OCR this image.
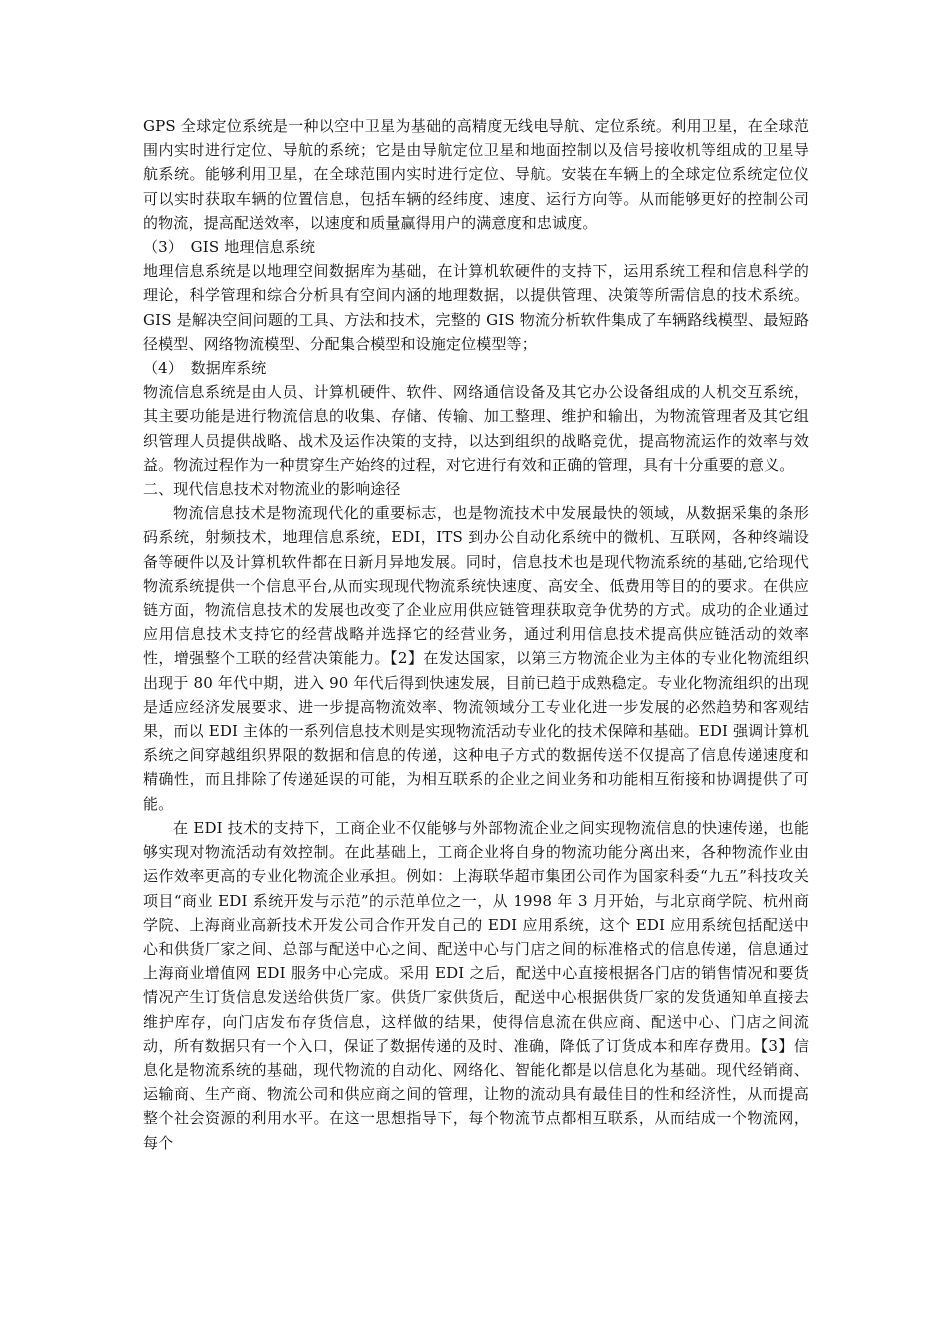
GPS 全球定位系统是一种以空中卫星为基础的高精度无线电导航、定位系统。利用卫星，在全球范围内实时进行定位、导航的系统；它是由导航定位卫星和地面控制以及信号接收机等组成的卫星导航系统。能够利用卫星，在全球范围内实时进行定位、导航。安装在车辆上的全球定位系统定位仪可以实时获取车辆的位置信息，包括车辆的经纬度、速度、运行方向等。从而能够更好的控制公司的物流，提高配送效率，以速度和质量赢得用户的满意度和忠诚度。

（3）　GIS 地理信息系统

地理信息系统是以地理空间数据库为基础，在计算机软硬件的支持下，运用系统工程和信息科学的理论，科学管理和综合分析具有空间内涵的地理数据，以提供管理、决策等所需信息的技术系统。GIS 是解决空间问题的工具、方法和技术，完整的 GIS 物流分析软件集成了车辆路线模型、最短路径模型、网络物流模型、分配集合模型和设施定位模型等；

（4）　数据库系统

物流信息系统是由人员、计算机硬件、软件、网络通信设备及其它办公设备组成的人机交互系统，其主要功能是进行物流信息的收集、存储、传输、加工整理、维护和输出，为物流管理者及其它组织管理人员提供战略、战术及运作决策的支持，以达到组织的战略竞优，提高物流运作的效率与效益。物流过程作为一种贯穿生产始终的过程，对它进行有效和正确的管理，具有十分重要的意义。

二、现代信息技术对物流业的影响途径

物流信息技术是物流现代化的重要标志，也是物流技术中发展最快的领域，从数据采集的条形码系统，射频技术，地理信息系统，EDI，ITS 到办公自动化系统中的微机、互联网，各种终端设备等硬件以及计算机软件都在日新月异地发展。同时，信息技术也是现代物流系统的基础,它给现代物流系统提供一个信息平台,从而实现现代物流系统快速度、高安全、低费用等目的的要求。在供应链方面，物流信息技术的发展也改变了企业应用供应链管理获取竞争优势的方式。成功的企业通过应用信息技术支持它的经营战略并选择它的经营业务，通过利用信息技术提高供应链活动的效率性，增强整个工联的经营决策能力。【2】在发达国家，以第三方物流企业为主体的专业化物流组织出现于 80 年代中期，进入 90 年代后得到快速发展，目前已趋于成熟稳定。专业化物流组织的出现是适应经济发展要求、进一步提高物流效率、物流领域分工专业化进一步发展的必然趋势和客观结果，而以 EDI 主体的一系列信息技术则是实现物流活动专业化的技术保障和基础。EDI 强调计算机系统之间穿越组织界限的数据和信息的传递，这种电子方式的数据传送不仅提高了信息传递速度和精确性，而且排除了传递延误的可能，为相互联系的企业之间业务和功能相互衔接和协调提供了可能。

在 EDI 技术的支持下，工商企业不仅能够与外部物流企业之间实现物流信息的快速传递，也能够实现对物流活动有效控制。在此基础上，工商企业将自身的物流功能分离出来，各种物流作业由运作效率更高的专业化物流企业承担。例如：上海联华超市集团公司作为国家科委“九五”科技攻关项目“商业 EDI 系统开发与示范”的示范单位之一，从 1998 年 3 月开始，与北京商学院、杭州商学院、上海商业高新技术开发公司合作开发自己的 EDI 应用系统，这个 EDI 应用系统包括配送中心和供货厂家之间、总部与配送中心之间、配送中心与门店之间的标准格式的信息传递，信息通过上海商业增值网 EDI 服务中心完成。采用 EDI 之后，配送中心直接根据各门店的销售情况和要货情况产生订货信息发送给供货厂家。供货厂家供货后，配送中心根据供货厂家的发货通知单直接去维护库存，向门店发布存货信息，这样做的结果，使得信息流在供应商、配送中心、门店之间流动，所有数据只有一个入口，保证了数据传递的及时、准确，降低了订货成本和库存费用。【3】信息化是物流系统的基础，现代物流的自动化、网络化、智能化都是以信息化为基础。现代经销商、运输商、生产商、物流公司和供应商之间的管理，让物的流动具有最佳目的性和经济性，从而提高整个社会资源的利用水平。在这一思想指导下，每个物流节点都相互联系，从而结成一个物流网，每个
